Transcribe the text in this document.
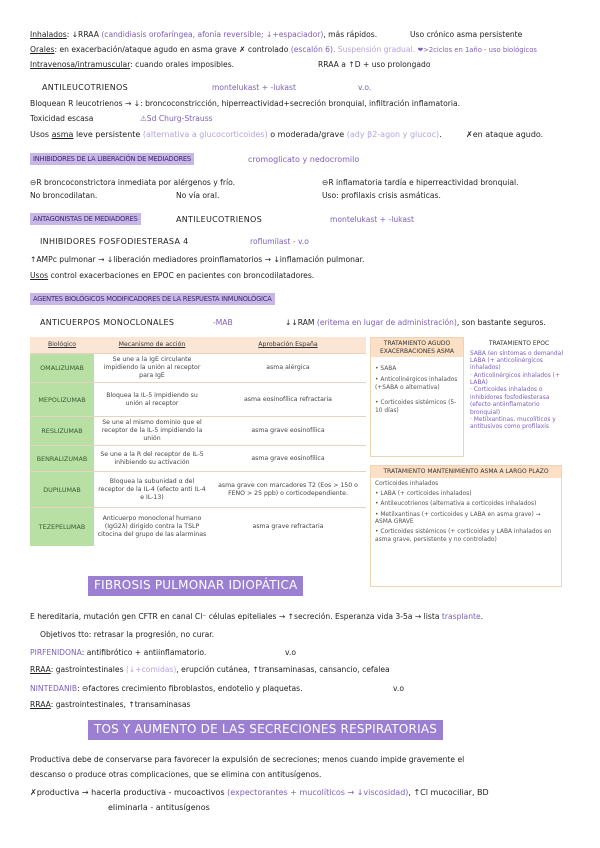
Inhalados: ↓RRAA (candidiasis orofaríngea, afonía reversible; ↓+espaciador), más rápidos.	Uso crónico asma persistente
Orales: en exacerbación/ataque agudo en asma grave ✗ controlado (escalón 6). Suspensión gradual. ❤>2ciclos en 1año - uso biológicos
Intravenosa/intramuscular: cuando orales imposibles.	RRAA a ↑D + uso prolongado
ANTILEUCOTRIENOS	montelukast + -lukast	v.o.
Bloquean R leucotrienos → ↓: broncoconstricción, hiperreactividad+secreción bronquial, infiltración inflamatoria.
Toxicidad escasa	⚠Sd Churg-Strauss
Usos asma leve persistente (alternativa a glucocorticoides) o moderada/grave (ady β2-agon y glucoc).	✗en ataque agudo.
INHIBIDORES DE LA LIBERACIÓN DE MEDIADORES	cromoglicato y nedocromilo
⊖R broncoconstrictora inmediata por alérgenos y frío.	⊖R inflamatoria tardía e hiperreactividad bronquial.
No broncodilatan.	No vía oral.	Uso: profilaxis crisis asmáticas.
ANTAGONISTAS DE MEDIADORES	ANTILEUCOTRIENOS	montelukast + -lukast
INHIBIDORES FOSFODIESTERASA 4	roflumilast - v.o
↑AMPc pulmonar → ↓liberación mediadores proinflamatorios → ↓inflamación pulmonar.
Usos control exacerbaciones en EPOC en pacientes con broncodilatadores.
AGENTES BIOLÓGICOS MODIFICADORES DE LA RESPUESTA INMUNOLÓGICA
ANTICUERPOS MONOCLONALES	-MAB	↓↓RAM (eritema en lugar de administración), son bastante seguros.
Biológico	Mecanismo de acción	Aprobación España
OMALIZUMAB	Se une a la IgE circulante impidiendo la unión al receptor para IgE	asma alérgica
MEPOLIZUMAB	Bloquea la IL-5 impidiendo su unión al receptor	asma eosinofílica refractaria
RESLIZUMAB	Se une al mismo dominio que el receptor de la IL-5 impidiendo la unión	asma grave eosinofílica
BENRALIZUMAB	Se une a la R del receptor de IL-5 inhibiendo su activación	asma grave eosinofílica
DUPILUMAB	Bloquea la subunidad α del receptor de la IL-4 (efecto anti IL-4 e IL-13)	asma grave con marcadores T2 (Eos > 150 o FENO > 25 ppb) o corticodependiente.
TEZEPELUMAB	Anticuerpo monoclonal humano (IgG2λ) dirigido contra la TSLP citocina del grupo de las alarminas	asma grave refractaria
TRATAMIENTO AGUDO EXACERBACIONES ASMA
• SABA
• Anticolinérgicos inhalados (+SABA o alternativa)
• Corticoides sistémicos (5-10 días)
TRATAMIENTO EPOC
SABA (en síntomas o demanda)
LABA (+ anticolinérgicos inhalados)
· Anticolinérgicos inhalados (+ LABA)
· Corticoides inhalados o inhibidores fosfodiesterasa (efecto antiinflamatorio bronquial)
· Metilxantinas, mucolíticos y antitusivos como profilaxis
TRATAMIENTO MANTENIMIENTO ASMA A LARGO PLAZO
Corticoides inhalados
• LABA (+ corticoides inhalados)
• Antileucotrienos (alternativa a corticoides inhalados)
• Metilxantinas (+ corticoides y LABA en asma grave) → ASMA GRAVE
• Corticoides sistémicos (+ corticoides y LABA inhalados en asma grave, persistente y no controlado)
FIBROSIS PULMONAR IDIOPÁTICA
E hereditaria, mutación gen CFTR en canal Cl⁻ células epiteliales → ↑secreción. Esperanza vida 3-5a → lista trasplante.
Objetivos tto: retrasar la progresión, no curar.
PIRFENIDONA: antifibrótico + antiinflamatorio.	v.o
RRAA: gastrointestinales (↓+comidas), erupción cutánea, ↑transaminasas, cansancio, cefalea
NINTEDANIB: ⊖factores crecimiento fibroblastos, endotelio y plaquetas.	v.o
RRAA: gastrointestinales, ↑transaminasas
TOS Y AUMENTO DE LAS SECRECIONES RESPIRATORIAS
Productiva debe de conservarse para favorecer la expulsión de secreciones; menos cuando impide gravemente el
descanso o produce otras complicaciones, que se elimina con antitusígenos.
✗productiva → hacerla productiva - mucoactivos (expectorantes + mucolíticos → ↓viscosidad), ↑Cl mucociliar, BD
eliminarla - antitusígenos
